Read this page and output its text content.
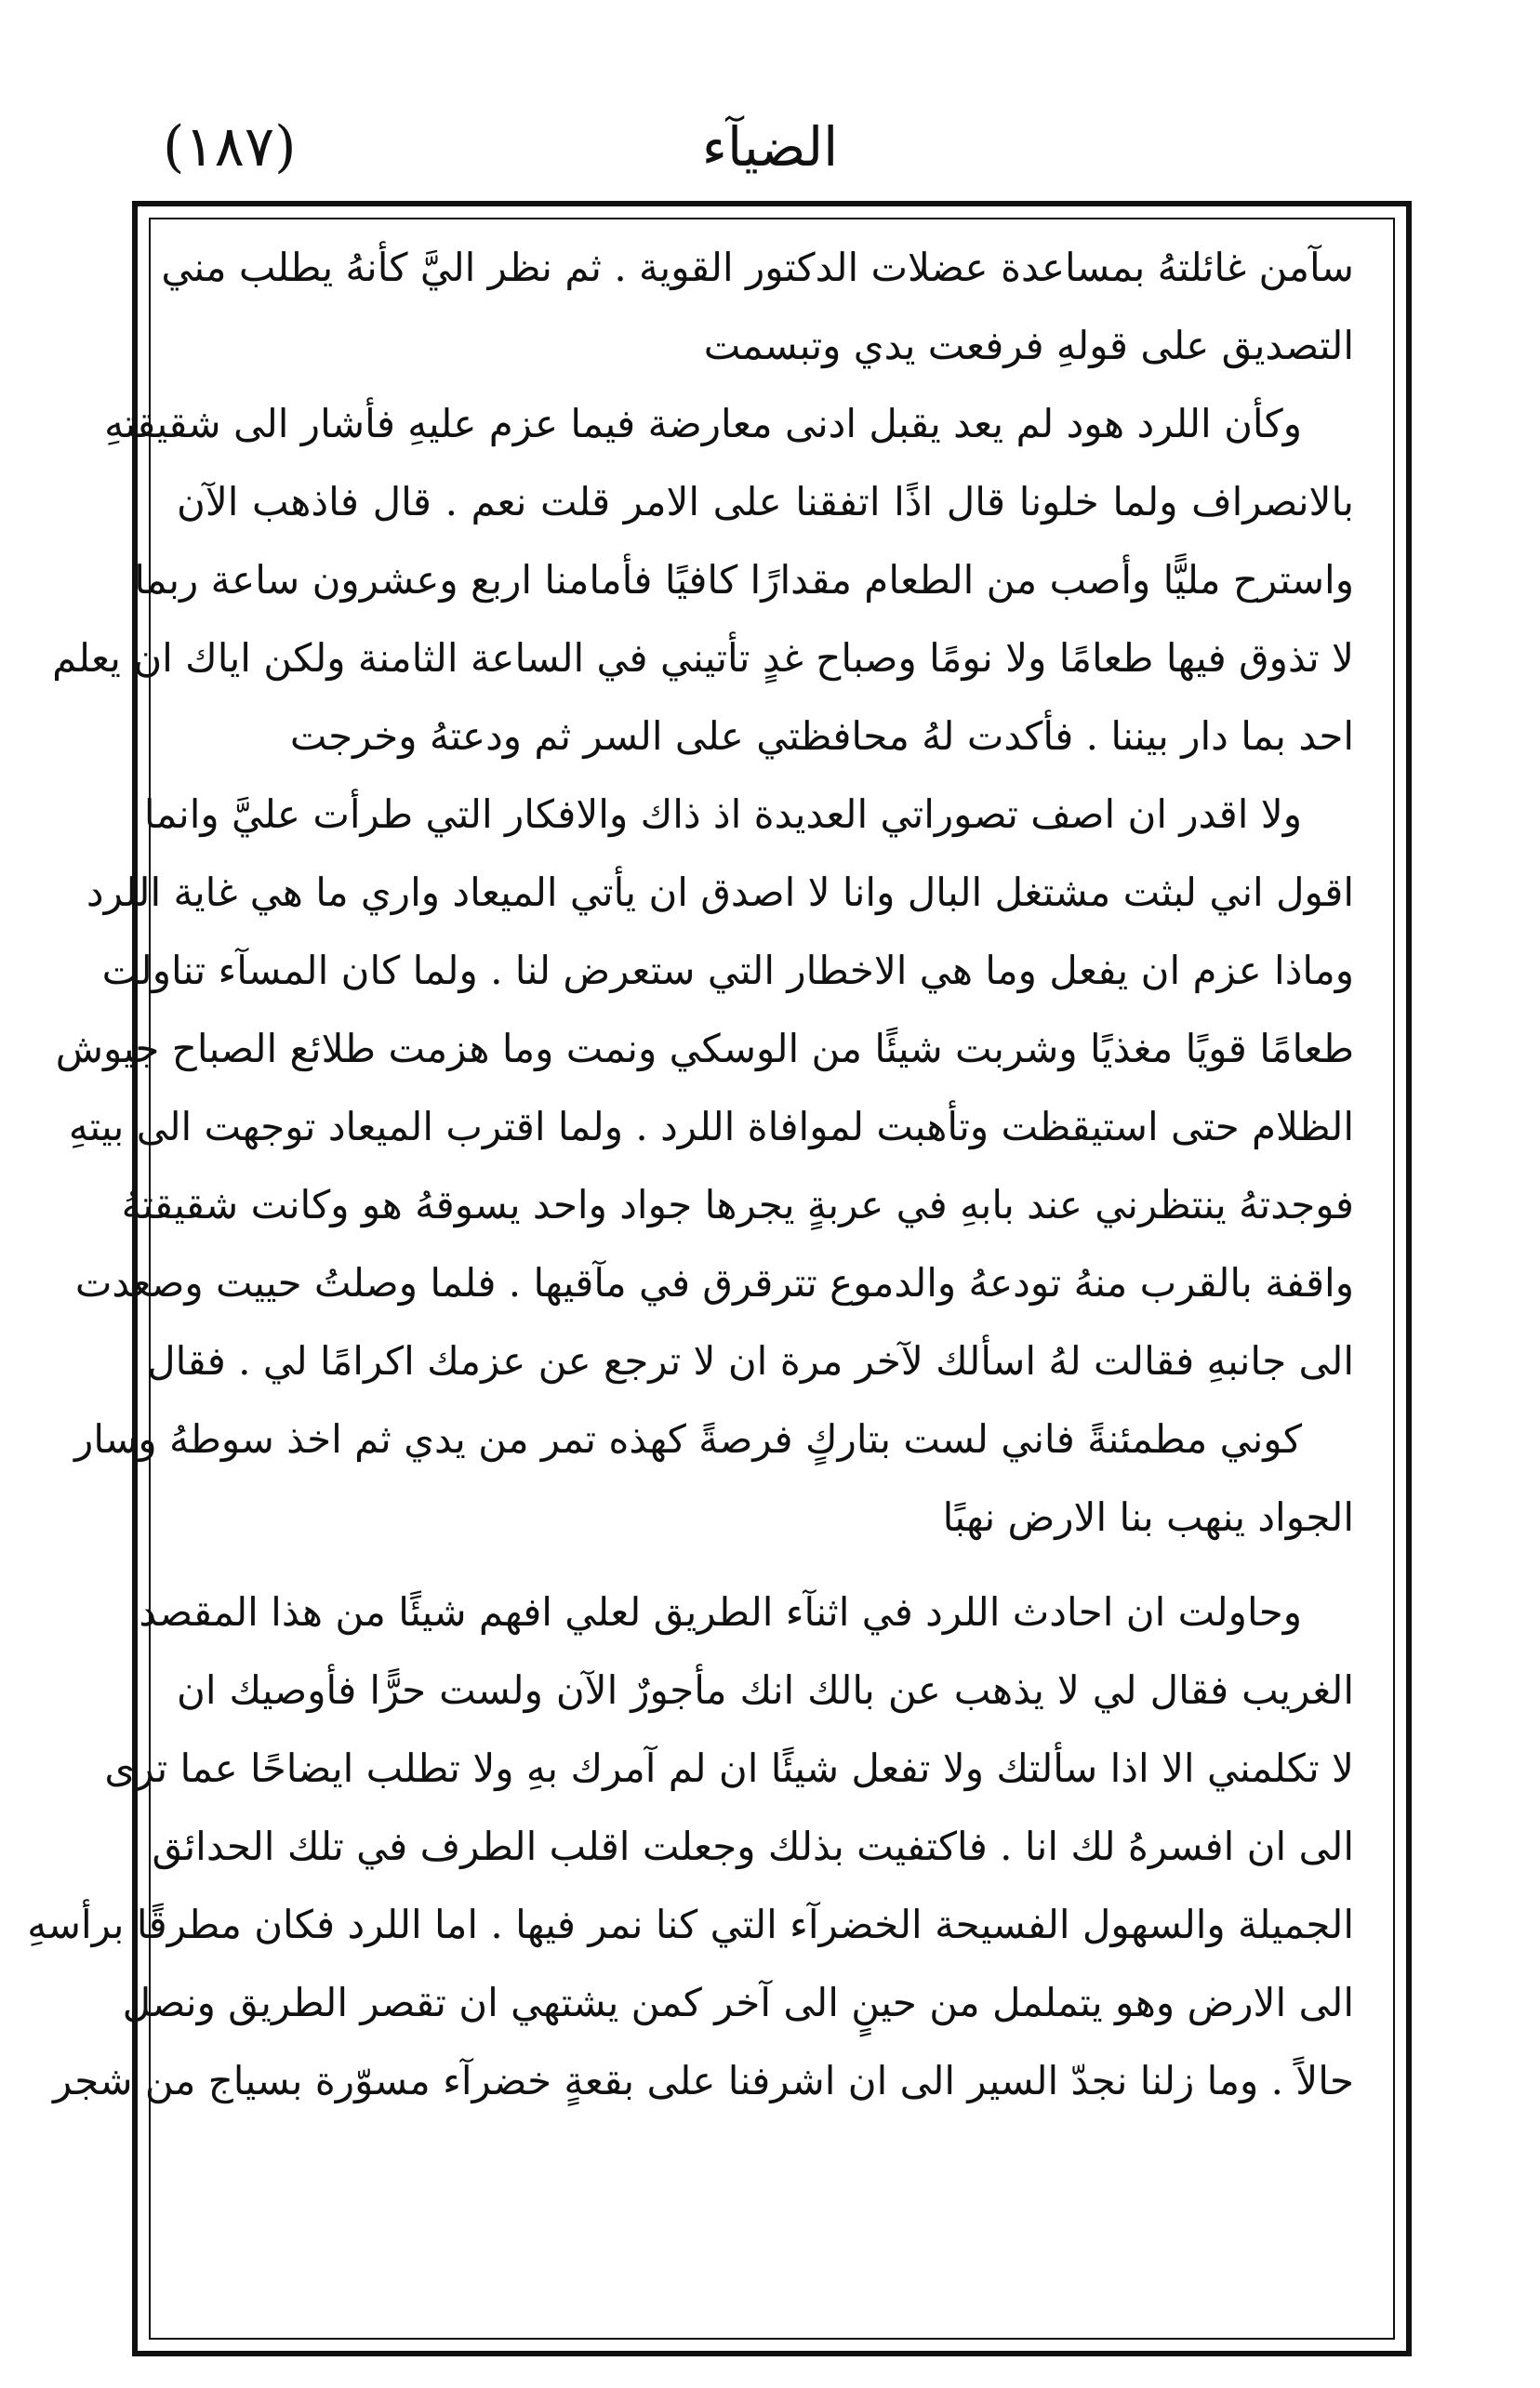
(١٨٧)	الضيآء
سآمن غائلتهُ بمساعدة عضلات الدكتور القوية . ثم نظر اليَّ كأنهُ يطلب مني
التصديق على قولهِ فرفعت يدي وتبسمت
وكأن اللرد هود لم يعد يقبل ادنى معارضة فيما عزم عليهِ فأشار الى شقيقتهِ
بالانصراف ولما خلونا قال اذًا اتفقنا على الامر قلت نعم . قال فاذهب الآن
واسترح مليًّا وأصب من الطعام مقدارًا كافيًا فأمامنا اربع وعشرون ساعة ربما
لا تذوق فيها طعامًا ولا نومًا وصباح غدٍ تأتيني في الساعة الثامنة ولكن اياك ان يعلم
احد بما دار بيننا . فأكدت لهُ محافظتي على السر ثم ودعتهُ وخرجت
ولا اقدر ان اصف تصوراتي العديدة اذ ذاك والافكار التي طرأت عليَّ وانما
اقول اني لبثت مشتغل البال وانا لا اصدق ان يأتي الميعاد واري ما هي غاية اللرد
وماذا عزم ان يفعل وما هي الاخطار التي ستعرض لنا . ولما كان المسآء تناولت
طعامًا قويًا مغذيًا وشربت شيئًا من الوسكي ونمت وما هزمت طلائع الصباح جيوش
الظلام حتى استيقظت وتأهبت لموافاة اللرد . ولما اقترب الميعاد توجهت الى بيتهِ
فوجدتهُ ينتظرني عند بابهِ في عربةٍ يجرها جواد واحد يسوقهُ هو وكانت شقيقتهُ
واقفة بالقرب منهُ تودعهُ والدموع تترقرق في مآقيها . فلما وصلتُ حييت وصعدت
الى جانبهِ فقالت لهُ اسألك لآخر مرة ان لا ترجع عن عزمك اكرامًا لي . فقال
كوني مطمئنةً فاني لست بتاركٍ فرصةً كهذه تمر من يدي ثم اخذ سوطهُ وسار
الجواد ينهب بنا الارض نهبًا
وحاولت ان احادث اللرد في اثنآء الطريق لعلي افهم شيئًا من هذا المقصد
الغريب فقال لي لا يذهب عن بالك انك مأجورٌ الآن ولست حرًّا فأوصيك ان
لا تكلمني الا اذا سألتك ولا تفعل شيئًا ان لم آمرك بهِ ولا تطلب ايضاحًا عما ترى
الى ان افسرهُ لك انا . فاكتفيت بذلك وجعلت اقلب الطرف في تلك الحدائق
الجميلة والسهول الفسيحة الخضرآء التي كنا نمر فيها . اما اللرد فكان مطرقًا برأسهِ
الى الارض وهو يتململ من حينٍ الى آخر كمن يشتهي ان تقصر الطريق ونصل
حالاً . وما زلنا نجدّ السير الى ان اشرفنا على بقعةٍ خضرآء مسوّرة بسياج من شجر
